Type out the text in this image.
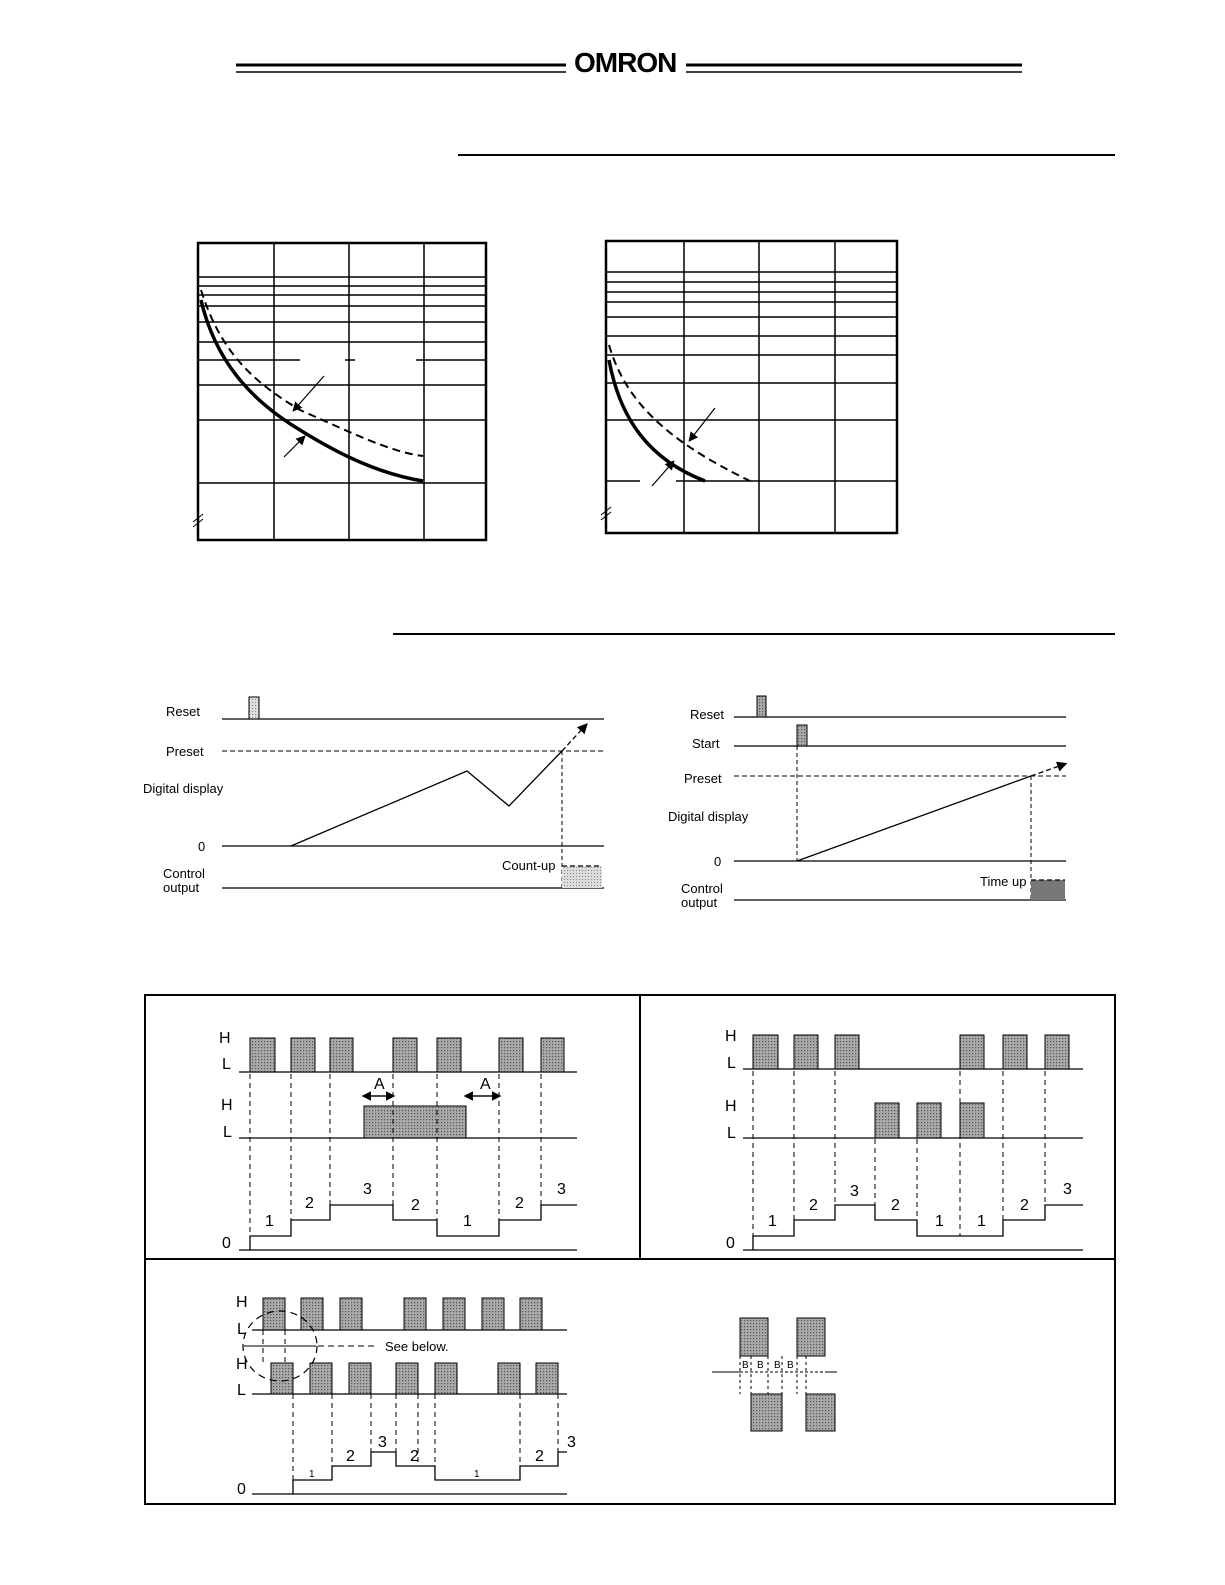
OMRON
Reset
Preset
Digital display
0
Control
output
Count-up
Reset
Start
Preset
Digital display
0
Control
output
Time up
H
L
H
L
0
A	A
1
2
3
2
1
2
3
H
L
H
L
0
1
2
3
2
1 1
2
3
H
L
H
L
0
See below.
1
2
3
2
1
2
3
B B B B
